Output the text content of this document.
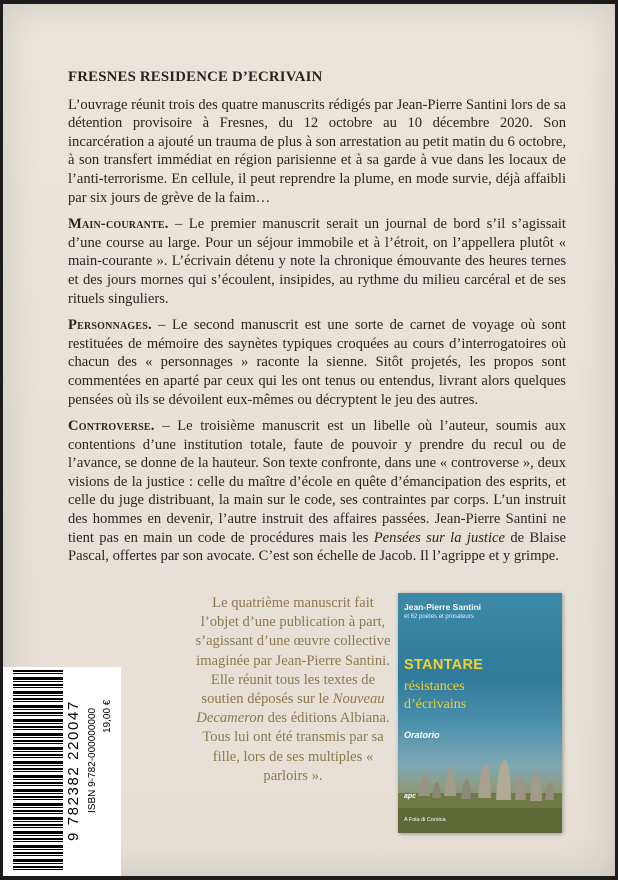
FRESNES RESIDENCE D’ECRIVAIN

L’ouvrage réunit trois des quatre manuscrits rédigés par Jean-Pierre Santini lors de sa détention provisoire à Fresnes, du 12 octobre au 10 décembre 2020. Son incarcération a ajouté un trauma de plus à son arrestation au petit matin du 6 octobre, à son transfert immédiat en région parisienne et à sa garde à vue dans les locaux de l’anti-terrorisme. En cellule, il peut reprendre la plume, en mode survie, déjà affaibli par six jours de grève de la faim…

Main-courante. – Le premier manuscrit serait un journal de bord s’il s’agissait d’une course au large. Pour un séjour immobile et à l’étroit, on l’appellera plutôt « main-courante ». L’écrivain détenu y note la chronique émouvante des heures ternes et des jours mornes qui s’écoulent, insipides, au rythme du milieu carcéral et de ses rituels singuliers.

Personnages. – Le second manuscrit est une sorte de carnet de voyage où sont restituées de mémoire des saynètes typiques croquées au cours d’interrogatoires où chacun des « personnages » raconte la sienne. Sitôt projetés, les propos sont commentées en aparté par ceux qui les ont tenus ou entendus, livrant alors quelques pensées où ils se dévoilent eux-mêmes ou décryptent le jeu des autres.

Controverse. – Le troisième manuscrit est un libelle où l’auteur, soumis aux contentions d’une institution totale, faute de pouvoir y prendre du recul ou de l’avance, se donne de la hauteur. Son texte confronte, dans une « controverse », deux visions de la justice : celle du maître d’école en quête d’émancipation des esprits, et celle du juge distribuant, la main sur le code, ses contraintes par corps. L’un instruit des hommes en devenir, l’autre instruit des affaires passées. Jean-Pierre Santini ne tient pas en main un code de procédures mais les Pensées sur la justice de Blaise Pascal, offertes par son avocate. C’est son échelle de Jacob. Il l’agrippe et y grimpe.

Le quatrième manuscrit fait l’objet d’une publication à part, s’agissant d’une œuvre collective imaginée par Jean-Pierre Santini. Elle réunit tous les textes de soutien déposés sur le Nouveau Decameron des éditions Albiana. Tous lui ont été transmis par sa fille, lors de ses multiples « parloirs ».
Jean-Pierre Santini
et 62 poètes et prosateurs
STANTARE
résistances
d’écrivains
Oratorio
apc
A Fola di Corsica
9 782382 220047 ISBN 9-782-000000000 19,00 €
